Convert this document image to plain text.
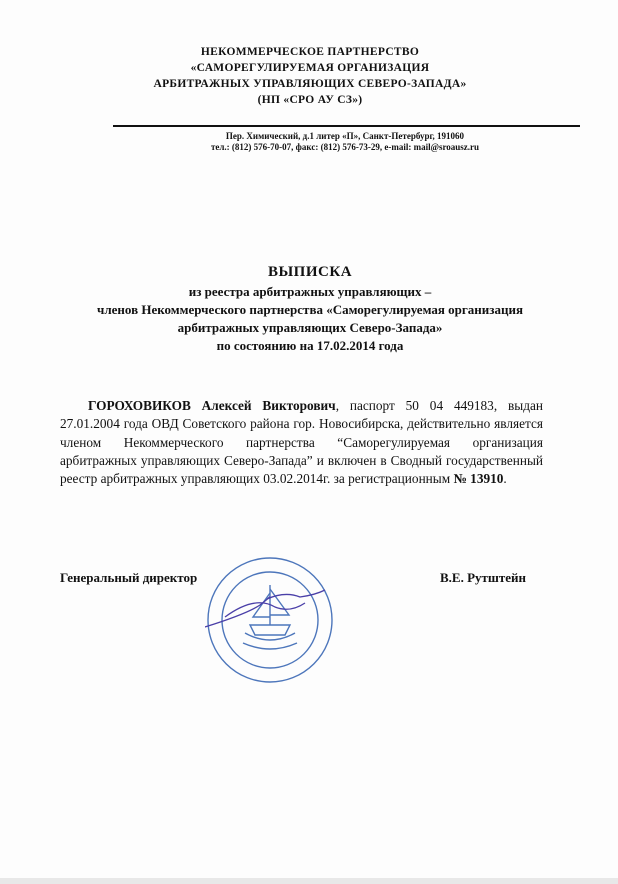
НЕКОММЕРЧЕСКОЕ ПАРТНЕРСТВО
«САМОРЕГУЛИРУЕМАЯ ОРГАНИЗАЦИЯ
АРБИТРАЖНЫХ УПРАВЛЯЮЩИХ СЕВЕРО-ЗАПАДА»
(НП «СРО АУ СЗ»)
Пер. Химический, д.1 литер «П», Санкт-Петербург, 191060
тел.: (812) 576-70-07, факс: (812) 576-73-29, e-mail: mail@sroausz.ru
ВЫПИСКА
из реестра арбитражных управляющих –
членов Некоммерческого партнерства «Саморегулируемая организация
арбитражных управляющих Северо-Запада»
по состоянию на 17.02.2014 года
ГОРОХОВИКОВ Алексей Викторович, паспорт 50 04 449183, выдан 27.01.2004 года ОВД Советского района гор. Новосибирска, действительно является членом Некоммерческого партнерства “Саморегулируемая организация арбитражных управляющих Северо-Запада” и включен в Сводный государственный реестр арбитражных управляющих 03.02.2014г. за регистрационным № 13910.
Генеральный директор	В.Е. Рутштейн
